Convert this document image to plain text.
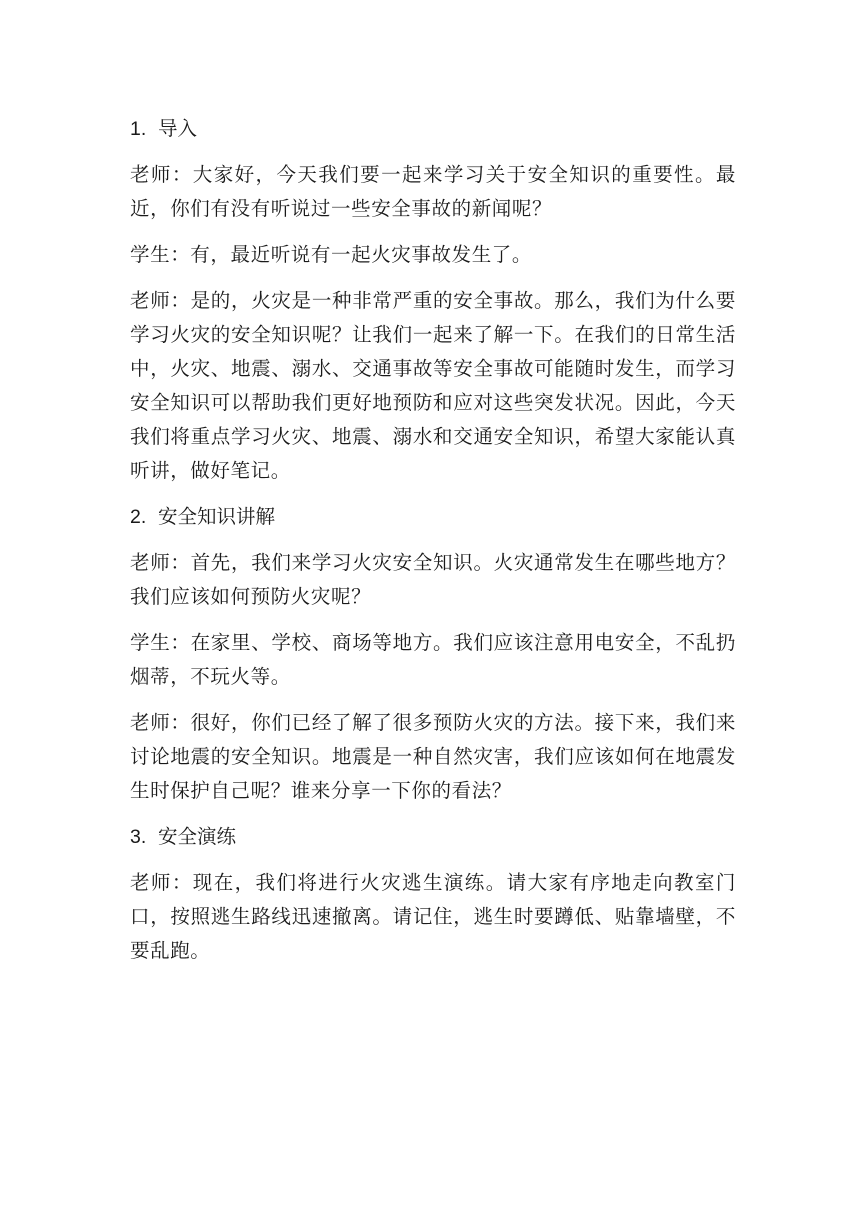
1. 导入

老师：大家好，今天我们要一起来学习关于安全知识的重要性。最近，你们有没有听说过一些安全事故的新闻呢？

学生：有，最近听说有一起火灾事故发生了。

老师：是的，火灾是一种非常严重的安全事故。那么，我们为什么要学习火灾的安全知识呢？让我们一起来了解一下。在我们的日常生活中，火灾、地震、溺水、交通事故等安全事故可能随时发生，而学习安全知识可以帮助我们更好地预防和应对这些突发状况。因此，今天我们将重点学习火灾、地震、溺水和交通安全知识，希望大家能认真听讲，做好笔记。

2. 安全知识讲解

老师：首先，我们来学习火灾安全知识。火灾通常发生在哪些地方？我们应该如何预防火灾呢？

学生：在家里、学校、商场等地方。我们应该注意用电安全，不乱扔烟蒂，不玩火等。

老师：很好，你们已经了解了很多预防火灾的方法。接下来，我们来讨论地震的安全知识。地震是一种自然灾害，我们应该如何在地震发生时保护自己呢？谁来分享一下你的看法？

3. 安全演练

老师：现在，我们将进行火灾逃生演练。请大家有序地走向教室门口，按照逃生路线迅速撤离。请记住，逃生时要蹲低、贴靠墙壁，不要乱跑。
